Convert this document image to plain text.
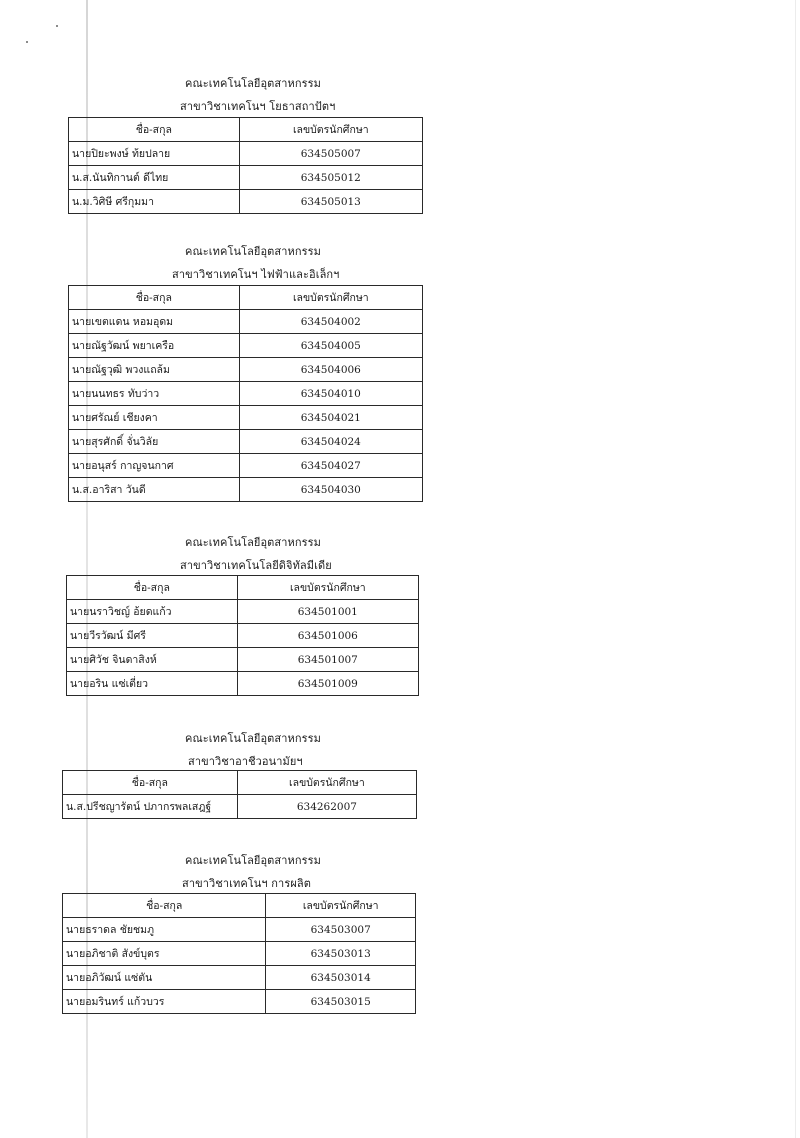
คณะเทคโนโลยีอุตสาหกรรม
สาขาวิชาเทคโนฯ โยธาสถาปัตฯ
ชื่อ-สกุล	เลขบัตรนักศึกษา
นายปิยะพงษ์ ท้ยปลาย	634505007
น.ส.นันทิกานต์ ดีไทย	634505012
น.ม.วิศิษี ศรีกุมมา	634505013
คณะเทคโนโลยีอุตสาหกรรม
สาขาวิชาเทคโนฯ ไฟฟ้าและอิเล็กฯ
ชื่อ-สกุล	เลขบัตรนักศึกษา
นายเขตแดน หอมอุดม	634504002
นายณัฐวัฒน์ พยาเครือ	634504005
นายณัฐวุฒิ พวงแถล้ม	634504006
นายนนทธร ทับว่าว	634504010
นายศรัณย์ เชียงคา	634504021
นายสุรศักดิ์ จั่นวิลัย	634504024
นายอนุสร์ กาญจนกาศ	634504027
น.ส.อาริสา วันดี	634504030
คณะเทคโนโลยีอุตสาหกรรม
สาขาวิชาเทคโนโลยีดิจิทัลมีเดีย
ชื่อ-สกุล	เลขบัตรนักศึกษา
นายนราวิชญ์ อ้ยดแก้ว	634501001
นายวีรวัฒน์ มีศรี	634501006
นายศิวัช จินดาสิงห์	634501007
นายอริน แซ่เตี่ยว	634501009
คณะเทคโนโลยีอุตสาหกรรม
สาขาวิชาอาชีวอนามัยฯ
ชื่อ-สกุล	เลขบัตรนักศึกษา
น.ส.ปรีชญารัตน์ ปภากรพลเสฎฐ์	634262007
คณะเทคโนโลยีอุตสาหกรรม
สาขาวิชาเทคโนฯ การผลิต
ชื่อ-สกุล	เลขบัตรนักศึกษา
นายธราดล ชัยชมภู	634503007
นายอภิชาติ สังข์บุตร	634503013
นายอภิวัฒน์ แซ่ตัน	634503014
นายอมรินทร์ แก้วบวร	634503015
